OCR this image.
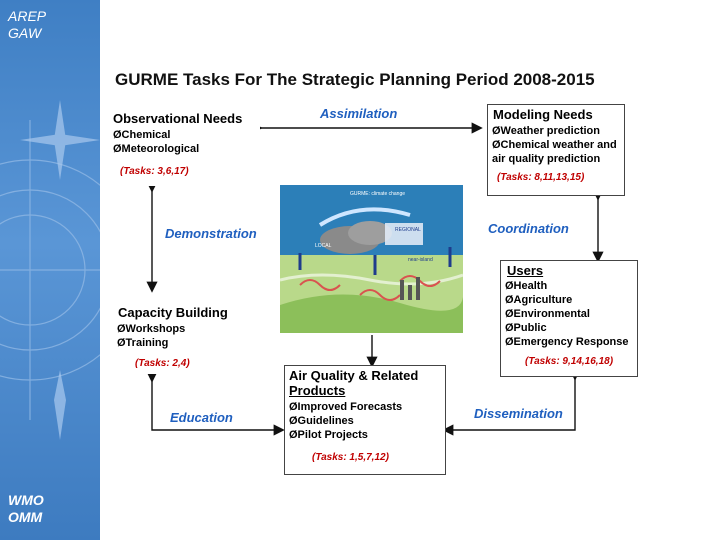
AREP
GAW
WMO
OMM
GURME Tasks For The Strategic Planning Period 2008-2015
Observational Needs
ØChemical
ØMeteorological
(Tasks: 3,6,17)
Modeling Needs
ØWeather prediction
ØChemical weather and
air quality prediction
(Tasks: 8,11,13,15)
Capacity Building
ØWorkshops
ØTraining
(Tasks: 2,4)
Users
ØHealth
ØAgriculture
ØEnvironmental
ØPublic
ØEmergency Response
(Tasks: 9,14,16,18)
Air Quality & Related
Products
ØImproved Forecasts
ØGuidelines
ØPilot Projects
(Tasks: 1,5,7,12)
Assimilation
Demonstration	Coordination
Education	Dissemination
GURME: climate change
REGIONAL
LOCAL
near-island
